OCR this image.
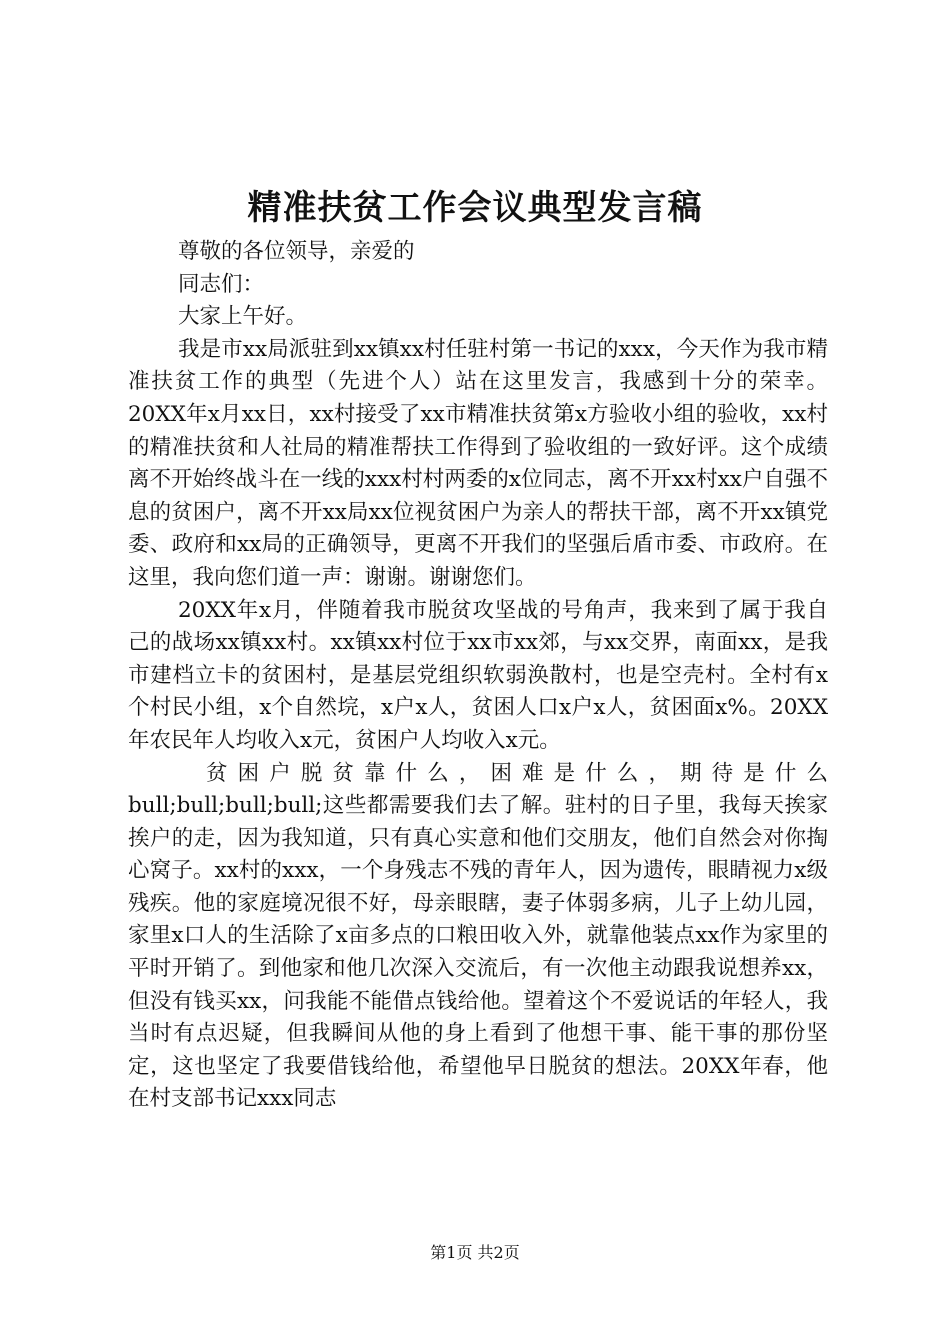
精准扶贫工作会议典型发言稿

尊敬的各位领导，亲爱的

同志们：

大家上午好。

我是市xx局派驻到xx镇xx村任驻村第一书记的xxx，今天作为我市精准扶贫工作的典型（先进个人）站在这里发言，我感到十分的荣幸。20XX年x月xx日，xx村接受了xx市精准扶贫第x方验收小组的验收，xx村的精准扶贫和人社局的精准帮扶工作得到了验收组的一致好评。这个成绩离不开始终战斗在一线的xxx村村两委的x位同志，离不开xx村xx户自强不息的贫困户，离不开xx局xx位视贫困户为亲人的帮扶干部，离不开xx镇党委、政府和xx局的正确领导，更离不开我们的坚强后盾市委、市政府。在这里，我向您们道一声：谢谢。谢谢您们。

20XX年x月，伴随着我市脱贫攻坚战的号角声，我来到了属于我自己的战场xx镇xx村。xx镇xx村位于xx市xx郊，与xx交界，南面xx，是我市建档立卡的贫困村，是基层党组织软弱涣散村，也是空壳村。全村有x个村民小组，x个自然垸，x户x人，贫困人口x户x人，贫困面x%。20XX年农民年人均收入x元，贫困户人均收入x元。

贫困户脱贫靠什么，困难是什么，期待是什么bull;bull;bull;bull;这些都需要我们去了解。驻村的日子里，我每天挨家挨户的走，因为我知道，只有真心实意和他们交朋友，他们自然会对你掏心窝子。xx村的xxx，一个身残志不残的青年人，因为遗传，眼睛视力x级残疾。他的家庭境况很不好，母亲眼瞎，妻子体弱多病，儿子上幼儿园，家里x口人的生活除了x亩多点的口粮田收入外，就靠他装点xx作为家里的平时开销了。到他家和他几次深入交流后，有一次他主动跟我说想养xx，但没有钱买xx，问我能不能借点钱给他。望着这个不爱说话的年轻人，我当时有点迟疑，但我瞬间从他的身上看到了他想干事、能干事的那份坚定，这也坚定了我要借钱给他，希望他早日脱贫的想法。20XX年春，他在村支部书记xxx同志

第1页 共2页
